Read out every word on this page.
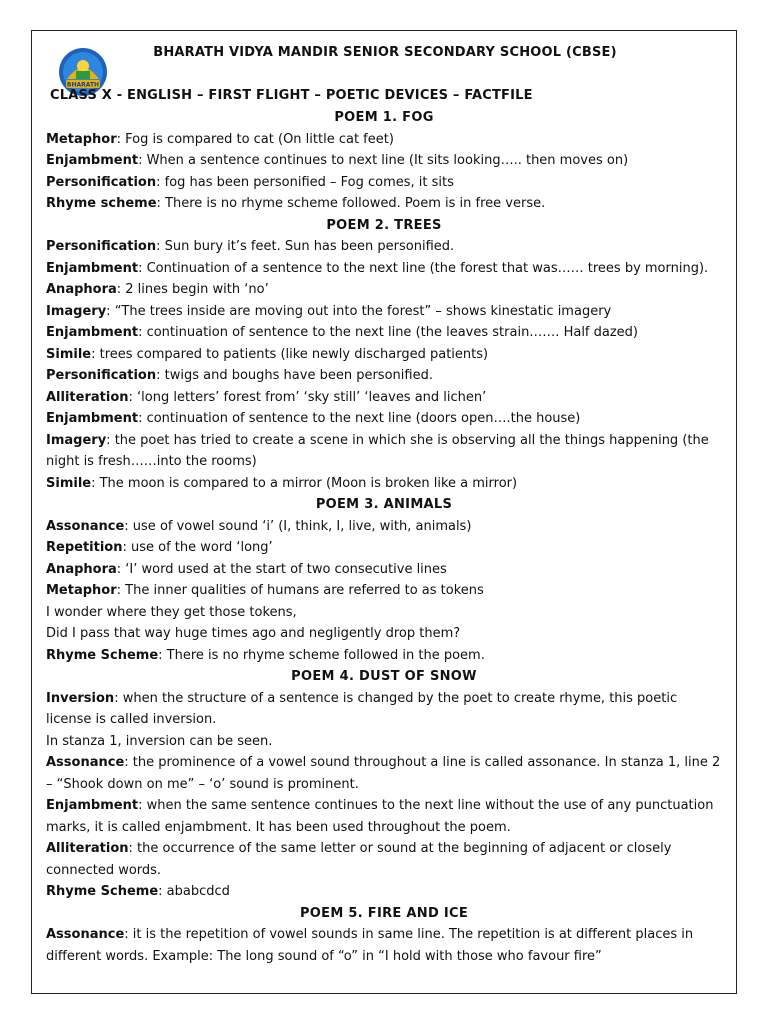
BHARATH
BHARATH VIDYA MANDIR SENIOR SECONDARY SCHOOL (CBSE)
CLASS X - ENGLISH – FIRST FLIGHT – POETIC DEVICES – FACTFILE
POEM 1. FOG

Metaphor: Fog is compared to cat (On little cat feet)

Enjambment: When a sentence continues to next line (It sits looking….. then moves on)

Personification: fog has been personified – Fog comes, it sits

Rhyme scheme: There is no rhyme scheme followed. Poem is in free verse.

POEM 2. TREES

Personification: Sun bury it’s feet. Sun has been personified.

Enjambment: Continuation of a sentence to the next line (the forest that was…… trees by morning).

Anaphora: 2 lines begin with ‘no’

Imagery: “The trees inside are moving out into the forest” – shows kinestatic imagery

Enjambment: continuation of sentence to the next line (the leaves strain……. Half dazed)

Simile: trees compared to patients (like newly discharged patients)

Personification: twigs and boughs have been personified.

Alliteration: ‘long letters’ forest from’ ‘sky still’ ‘leaves and lichen’

Enjambment: continuation of sentence to the next line (doors open….the house)

Imagery: the poet has tried to create a scene in which she is observing all the things happening (the night is fresh……into the rooms)

Simile: The moon is compared to a mirror (Moon is broken like a mirror)

POEM 3. ANIMALS

Assonance: use of vowel sound ‘i’ (I, think, I, live, with, animals)

Repetition: use of the word ‘long’

Anaphora: ‘I’ word used at the start of two consecutive lines

Metaphor: The inner qualities of humans are referred to as tokens

I wonder where they get those tokens,

Did I pass that way huge times ago and negligently drop them?

Rhyme Scheme: There is no rhyme scheme followed in the poem.

POEM 4. DUST OF SNOW

Inversion: when the structure of a sentence is changed by the poet to create rhyme, this poetic license is called inversion.

In stanza 1, inversion can be seen.

Assonance: the prominence of a vowel sound throughout a line is called assonance. In stanza 1, line 2 – “Shook down on me” – ‘o’ sound is prominent.

Enjambment: when the same sentence continues to the next line without the use of any punctuation marks, it is called enjambment. It has been used throughout the poem.

Alliteration: the occurrence of the same letter or sound at the beginning of adjacent or closely connected words.

Rhyme Scheme: ababcdcd

POEM 5. FIRE AND ICE

Assonance: it is the repetition of vowel sounds in same line. The repetition is at different places in different words. Example: The long sound of “o” in “I hold with those who favour fire”
